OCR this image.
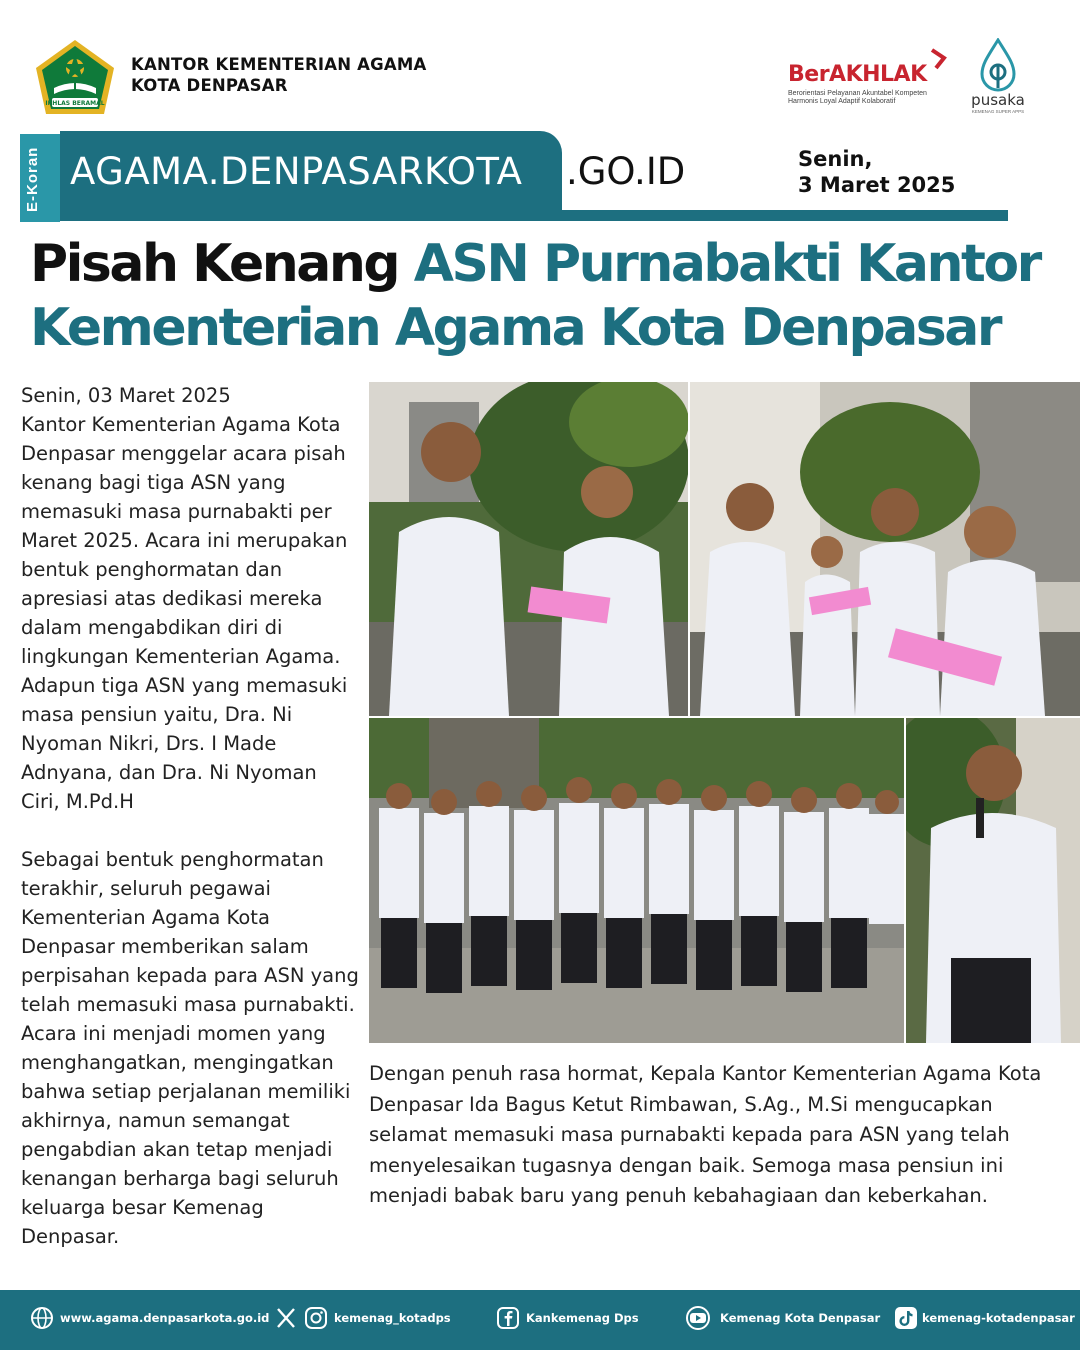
IKHLAS BERAMAL
KANTOR KEMENTERIAN AGAMA
KOTA DENPASAR	BerAKHLAK
Berorientasi Pelayanan Akuntabel Kompeten
Harmonis Loyal Adaptif Kolaboratif	pusaka
KEMENAG SUPER APPS
E-Koran AGAMA.DENPASARKOTA .GO.ID	Senin,
3 Maret 2025
Pisah Kenang ASN Purnabakti Kantor
Kementerian Agama Kota Denpasar

Senin, 03 Maret 2025
Kantor Kementerian Agama Kota Denpasar menggelar acara pisah kenang bagi tiga ASN yang memasuki masa purnabakti per Maret 2025. Acara ini merupakan bentuk penghormatan dan apresiasi atas dedikasi mereka dalam mengabdikan diri di lingkungan Kementerian Agama. Adapun tiga ASN yang memasuki masa pensiun yaitu, Dra. Ni Nyoman Nikri, Drs. I Made Adnyana, dan Dra. Ni Nyoman Ciri, M.Pd.H

Sebagai bentuk penghormatan terakhir, seluruh pegawai Kementerian Agama Kota Denpasar memberikan salam perpisahan kepada para ASN yang telah memasuki masa purnabakti. Acara ini menjadi momen yang menghangatkan, mengingatkan bahwa setiap perjalanan memiliki akhirnya, namun semangat pengabdian akan tetap menjadi kenangan berharga bagi seluruh keluarga besar Kemenag Denpasar.

Dengan penuh rasa hormat, Kepala Kantor Kementerian Agama Kota Denpasar Ida Bagus Ketut Rimbawan, S.Ag., M.Si mengucapkan selamat memasuki masa purnabakti kepada para ASN yang telah menyelesaikan tugasnya dengan baik. Semoga masa pensiun ini menjadi babak baru yang penuh kebahagiaan dan keberkahan.
www.agama.denpasarkota.go.id	kemenag_kotadps	Kankemenag Dps	Kemenag Kota Denpasar	kemenag-kotadenpasar
